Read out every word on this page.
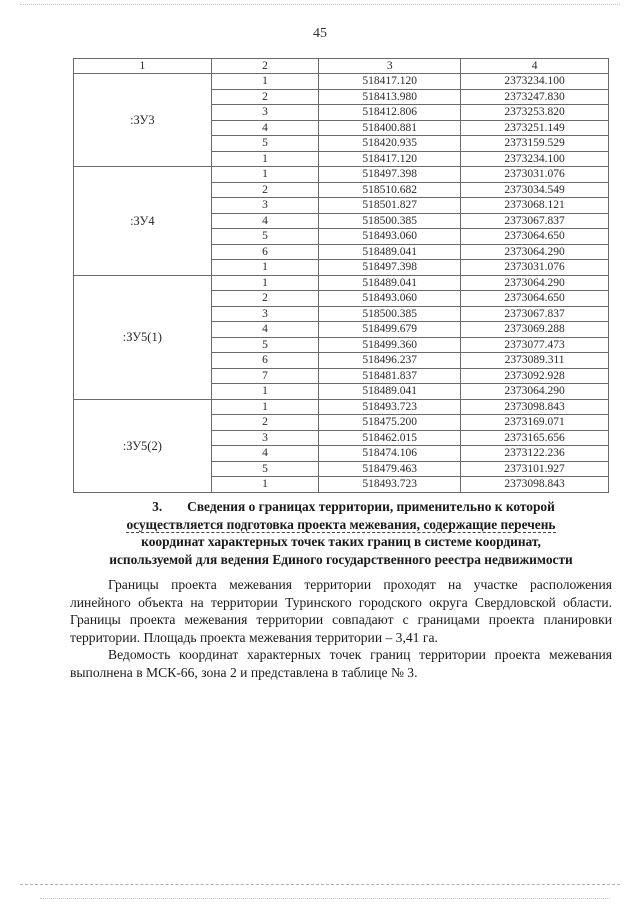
45
1	2	3	4
:ЗУ3	1	518417.120	2373234.100
	2	518413.980	2373247.830
	3	518412.806	2373253.820
	4	518400.881	2373251.149
	5	518420.935	2373159.529
	1	518417.120	2373234.100
:ЗУ4	1	518497.398	2373031.076
	2	518510.682	2373034.549
	3	518501.827	2373068.121
	4	518500.385	2373067.837
	5	518493.060	2373064.650
	6	518489.041	2373064.290
	1	518497.398	2373031.076
:ЗУ5(1)	1	518489.041	2373064.290
	2	518493.060	2373064.650
	3	518500.385	2373067.837
	4	518499.679	2373069.288
	5	518499.360	2373077.473
	6	518496.237	2373089.311
	7	518481.837	2373092.928
	1	518489.041	2373064.290
:ЗУ5(2)	1	518493.723	2373098.843
	2	518475.200	2373169.071
	3	518462.015	2373165.656
	4	518474.106	2373122.236
	5	518479.463	2373101.927
	1	518493.723	2373098.843
3. Сведения о границах территории, применительно к которой
осуществляется подготовка проекта межевания, содержащие перечень
координат характерных точек таких границ в системе координат,
используемой для ведения Единого государственного реестра недвижимости
Границы проекта межевания территории проходят на участке расположения линейного объекта на территории Туринского городского округа Свердловской области. Границы проекта межевания территории совпадают с границами проекта планировки территории. Площадь проекта межевания территории – 3,41 га.
Ведомость координат характерных точек границ территории проекта межевания выполнена в МСК-66, зона 2 и представлена в таблице № 3.
